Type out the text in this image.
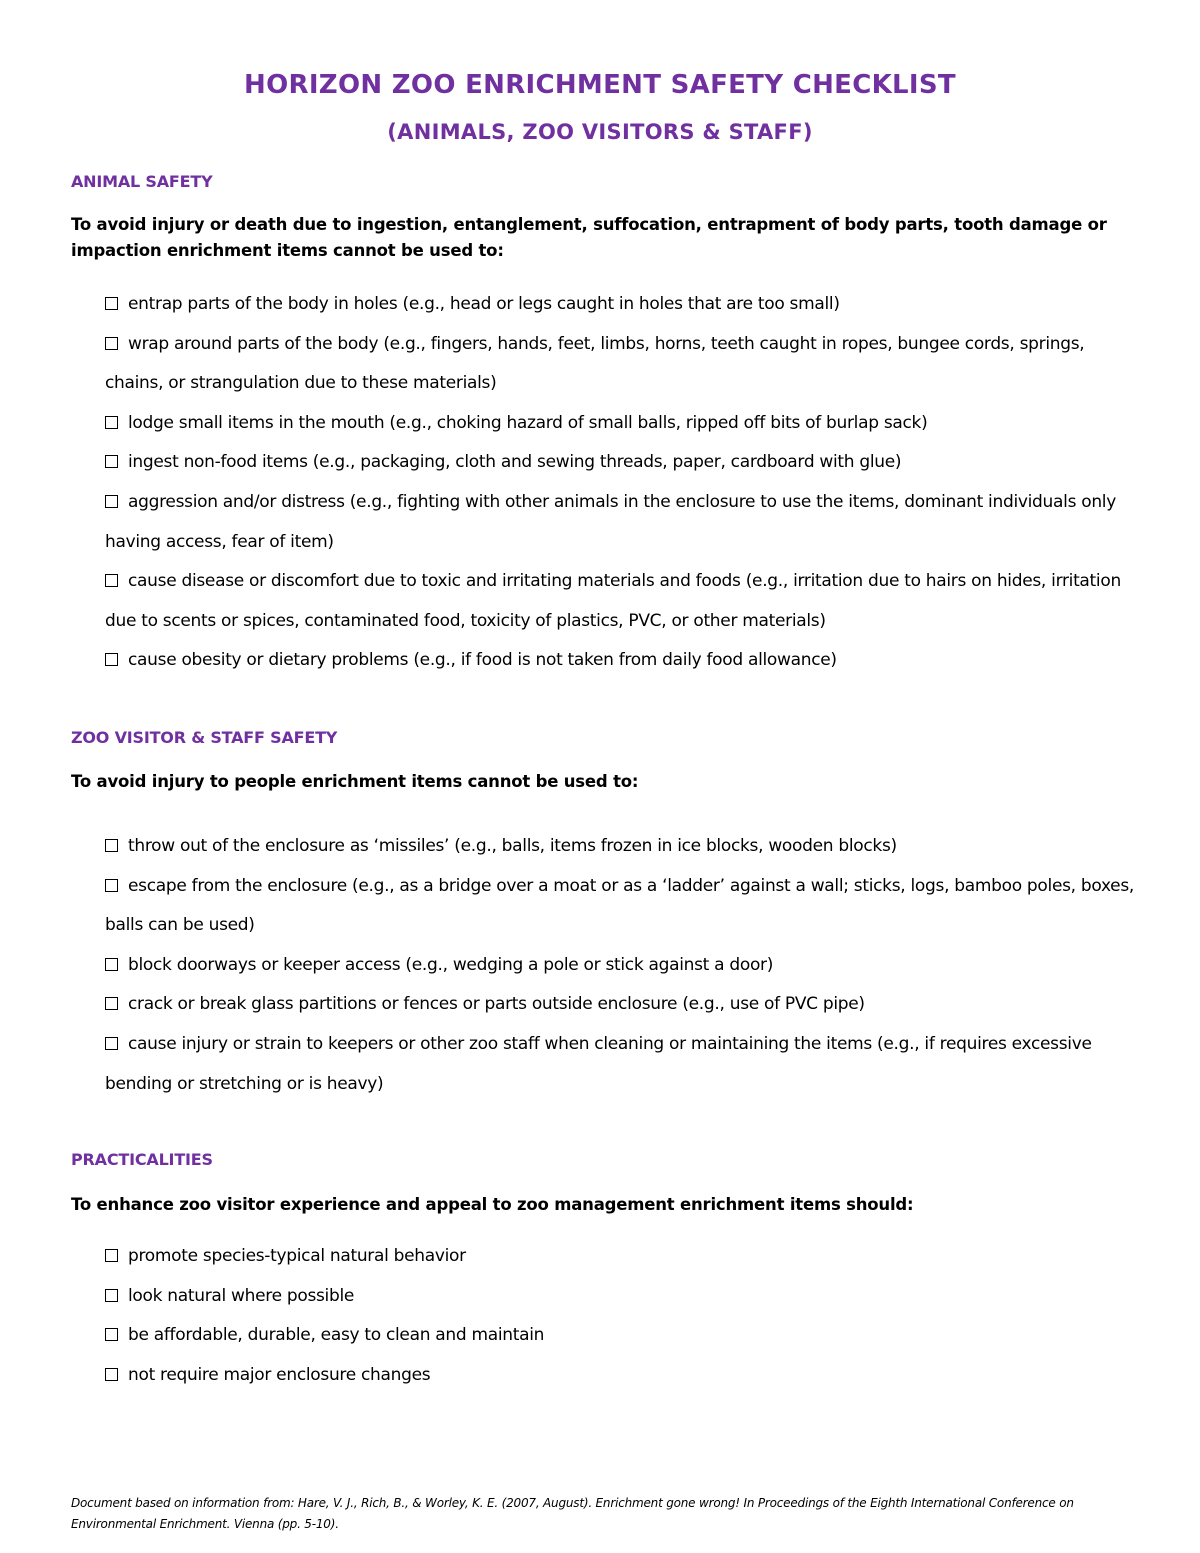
HORIZON ZOO ENRICHMENT SAFETY CHECKLIST
(ANIMALS, ZOO VISITORS & STAFF)
ANIMAL SAFETY
To avoid injury or death due to ingestion, entanglement, suffocation, entrapment of body parts, tooth damage or impaction enrichment items cannot be used to:
entrap parts of the body in holes (e.g., head or legs caught in holes that are too small)
wrap around parts of the body (e.g., fingers, hands, feet, limbs, horns, teeth caught in ropes, bungee cords, springs, chains, or strangulation due to these materials)
lodge small items in the mouth (e.g., choking hazard of small balls, ripped off bits of burlap sack)
ingest non-food items (e.g., packaging, cloth and sewing threads, paper, cardboard with glue)
aggression and/or distress (e.g., fighting with other animals in the enclosure to use the items, dominant individuals only having access, fear of item)
cause disease or discomfort due to toxic and irritating materials and foods (e.g., irritation due to hairs on hides, irritation due to scents or spices, contaminated food, toxicity of plastics, PVC, or other materials)
cause obesity or dietary problems (e.g., if food is not taken from daily food allowance)
ZOO VISITOR & STAFF SAFETY
To avoid injury to people enrichment items cannot be used to:
throw out of the enclosure as ‘missiles’ (e.g., balls, items frozen in ice blocks, wooden blocks)
escape from the enclosure (e.g., as a bridge over a moat or as a ‘ladder’ against a wall; sticks, logs, bamboo poles, boxes, balls can be used)
block doorways or keeper access (e.g., wedging a pole or stick against a door)
crack or break glass partitions or fences or parts outside enclosure (e.g., use of PVC pipe)
cause injury or strain to keepers or other zoo staff when cleaning or maintaining the items (e.g., if requires excessive bending or stretching or is heavy)
PRACTICALITIES
To enhance zoo visitor experience and appeal to zoo management enrichment items should:
promote species-typical natural behavior
look natural where possible
be affordable, durable, easy to clean and maintain
not require major enclosure changes
Document based on information from: Hare, V. J., Rich, B., & Worley, K. E. (2007, August). Enrichment gone wrong! In Proceedings of the Eighth International Conference on Environmental Enrichment. Vienna (pp. 5-10).
